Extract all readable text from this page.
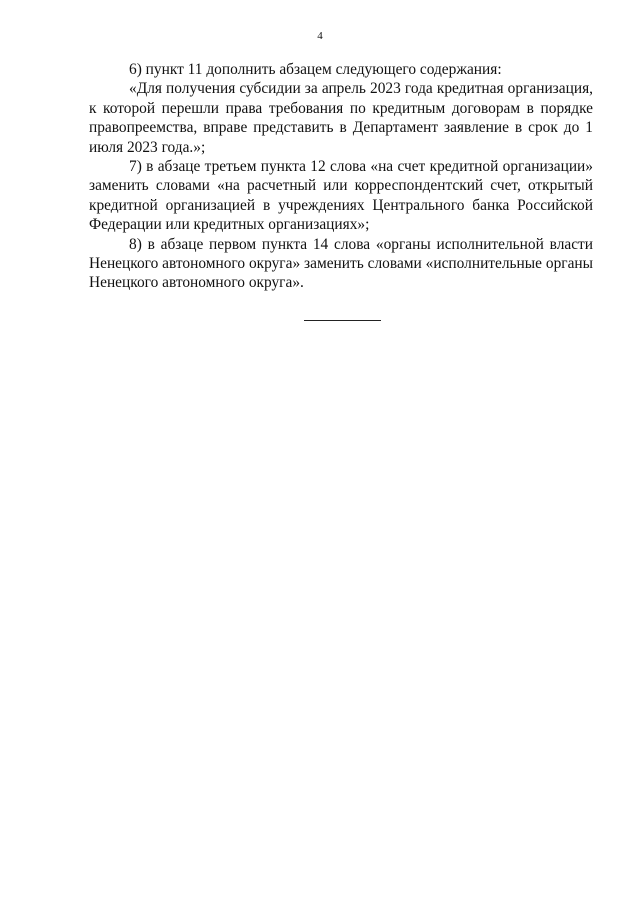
4

6) пункт 11 дополнить абзацем следующего содержания:

«Для получения субсидии за апрель 2023 года кредитная организация, к которой перешли права требования по кредитным договорам в порядке правопреемства, вправе представить в Департамент заявление в срок до 1 июля 2023 года.»;

7) в абзаце третьем пункта 12 слова «на счет кредитной организации» заменить словами «на расчетный или корреспондентский счет, открытый кредитной организацией в учреждениях Центрального банка Российской Федерации или кредитных организациях»;

8) в абзаце первом пункта 14 слова «органы исполнительной власти Ненецкого автономного округа» заменить словами «исполнительные органы Ненецкого автономного округа».
